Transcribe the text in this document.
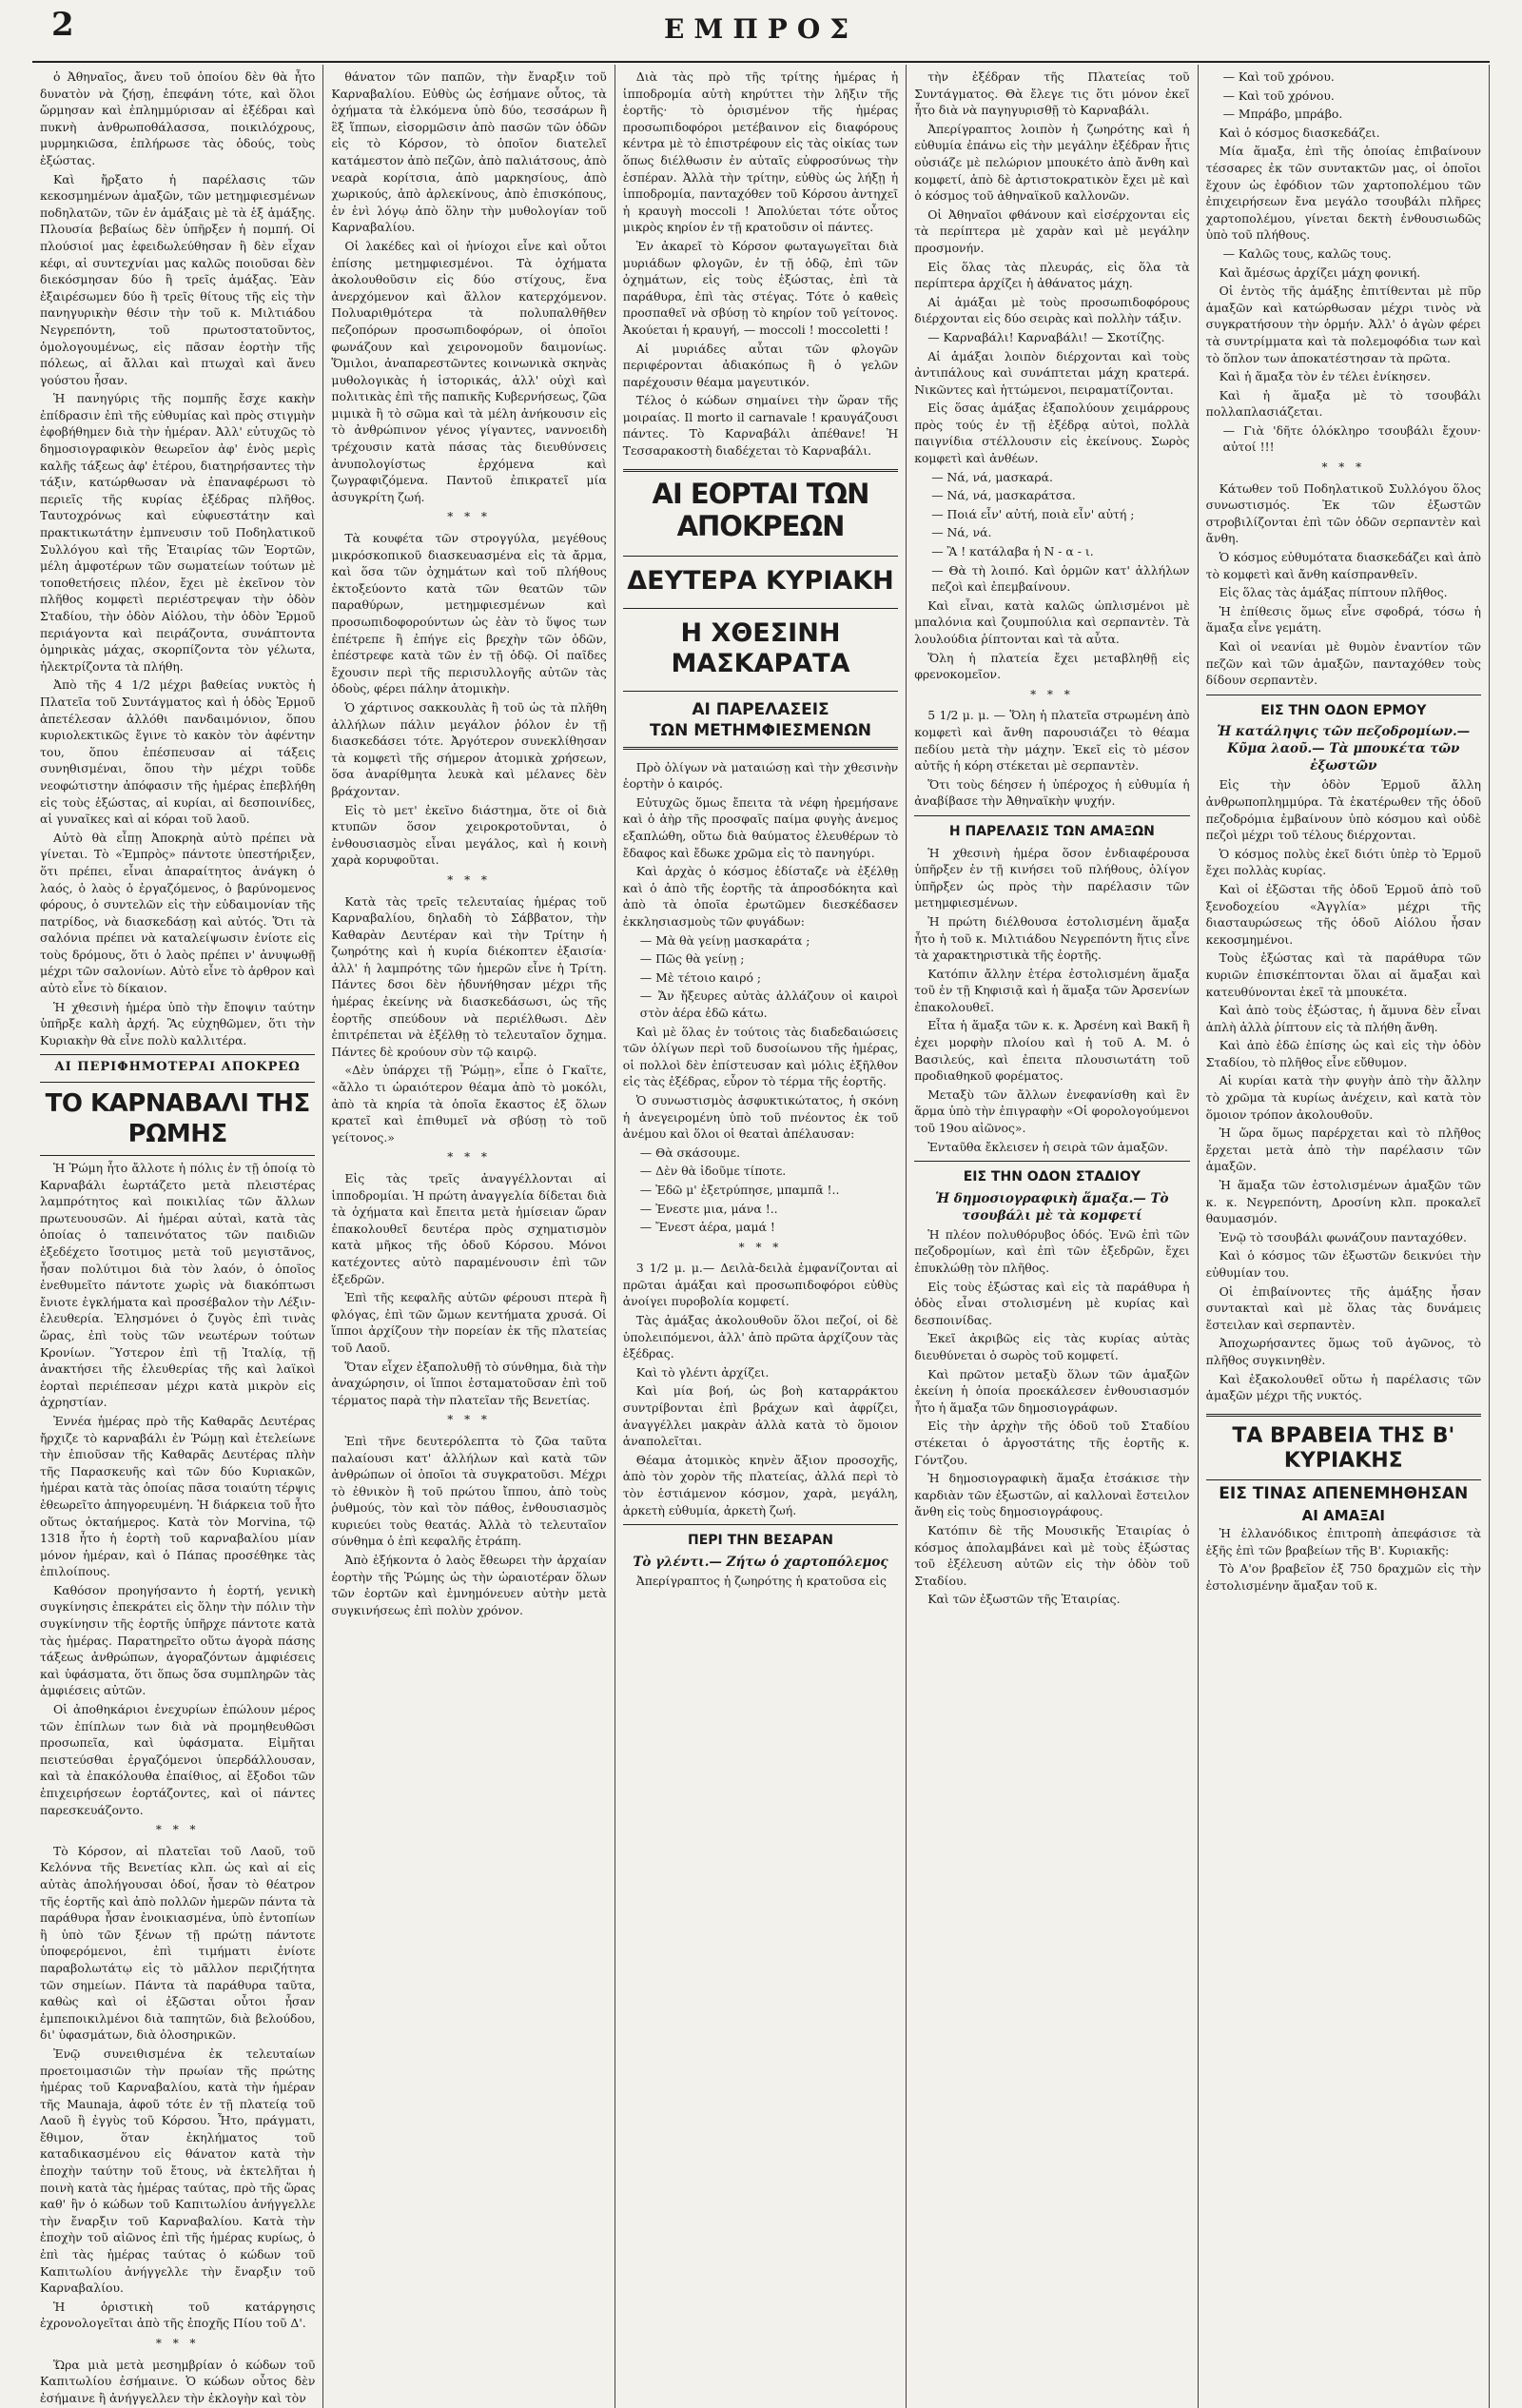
2	ΕΜΠΡΟΣ

ὁ Ἀθηναῖος, ἄνευ τοῦ ὁποίου δὲν θὰ ἦτο δυνατὸν νὰ ζήσῃ, ἐπεφάνη τότε, καὶ ὅλοι ὥρμησαν καὶ ἐπλημμύρισαν αἱ ἐξέδραι καὶ πυκνὴ ἀνθρωποθάλασσα, ποικιλόχρους, μυρμηκιῶσα, ἐπλήρωσε τὰς ὁδούς, τοὺς ἐξώστας.

Καὶ ἤρξατο ἡ παρέλασις τῶν κεκοσμημένων ἁμαξῶν, τῶν μετημφιεσμένων ποδηλατῶν, τῶν ἐν ἁμάξαις μὲ τὰ ἑξ ἁμάξης. Πλουσία βεβαίως δὲν ὑπῆρξεν ἡ πομπή. Οἱ πλούσιοί μας ἐφειδωλεύθησαν ἢ δὲν εἶχαν κέφι, αἱ συντεχνίαι μας καλῶς ποιοῦσαι δὲν διεκόσμησαν δύο ἢ τρεῖς ἁμάξας. Ἐὰν ἐξαιρέσωμεν δύο ἢ τρεῖς θίτους τῆς εἰς τὴν πανηγυρικὴν θέσιν τὴν τοῦ κ. Μιλτιάδου Νεγρεπόντη, τοῦ πρωτοστατοῦντος, ὁμολογουμένως, εἰς πᾶσαν ἑορτὴν τῆς πόλεως, αἱ ἄλλαι καὶ πτωχαὶ καὶ ἄνευ γούστου ἦσαν.

Ἡ πανηγύρις τῆς πομπῆς ἔσχε κακὴν ἐπίδρασιν ἐπὶ τῆς εὐθυμίας καὶ πρὸς στιγμὴν ἐφοβήθημεν διὰ τὴν ἡμέραν. Ἀλλ' εὐτυχῶς τὸ δημοσιογραφικὸν θεωρεῖον ἀφ' ἑνὸς μερὶς καλῆς τάξεως ἀφ' ἑτέρου, διατηρήσαντες τὴν τάξιν, κατώρθωσαν νὰ ἐπαναφέρωσι τὸ περιεῖς τῆς κυρίας ἑξέδρας πλῆθος. Ταυτοχρόνως καὶ εὐφυεστάτην καὶ πρακτικωτάτην ἐμπνευσιν τοῦ Ποδηλατικοῦ Συλλόγου καὶ τῆς Ἑταιρίας τῶν Ἑορτῶν, μέλη ἀμφοτέρων τῶν σωματείων τούτων μὲ τοποθετήσεις πλέον, ἔχει μὲ ἐκεῖνον τὸν πλῆθος κομφετὶ περιέστρεψαν τὴν ὁδὸν Σταδίου, τὴν ὁδὸν Αἰόλου, τὴν ὁδὸν Ἑρμοῦ περιάγοντα καὶ πειράζοντα, συνάπτοντα ὁμηρικὰς μάχας, σκορπίζοντα τὸν γέλωτα, ἠλεκτρίζοντα τὰ πλήθη.

Ἀπὸ τῆς 4 1/2 μέχρι βαθείας νυκτὸς ἡ Πλατεῖα τοῦ Συντάγματος καὶ ἡ ὁδὸς Ἑρμοῦ ἀπετέλεσαν ἀλλόθι πανδαιμόνιον, ὅπου κυριολεκτικῶς ἔγινε τὸ κακὸν τὸν ἀφέντην του, ὅπου ἐπέσπευσαν αἱ τάξεις συνηθισμέναι, ὅπου τὴν μέχρι τοῦδε νεοφώτιστην ἀπόφασιν τῆς ἡμέρας ἐπεβλήθη εἰς τοὺς ἐξώστας, αἱ κυρίαι, αἱ δεσποινίδες, αἱ γυναῖκες καὶ αἱ κόραι τοῦ λαοῦ.

Αὐτὸ θὰ εἶπῃ Ἀποκρηὰ αὐτὸ πρέπει νὰ γίνεται. Τὸ «Ἐμπρὸς» πάντοτε ὑπεστήριξεν, ὅτι πρέπει, εἶναι ἀπαραίτητος ἀνάγκη ὁ λαός, ὁ λαὸς ὁ ἐργαζόμενος, ὁ βαρύνομενος φόρους, ὁ συντελῶν εἰς τὴν εὐδαιμονίαν τῆς πατρίδος, νὰ διασκεδάσῃ καὶ αὐτός. Ὅτι τὰ σαλόνια πρέπει νὰ καταλείψωσιν ἐνίοτε εἰς τοὺς δρόμους, ὅτι ὁ λαὸς πρέπει ν' ἀνυψωθῇ μέχρι τῶν σαλονίων. Αὐτὸ εἶνε τὸ ἀρθρον καὶ αὐτὸ εἶνε τὸ δίκαιον.

Ἡ χθεσινὴ ἡμέρα ὑπὸ τὴν ἔποψιν ταύτην ὑπῆρξε καλὴ ἀρχή. Ἂς εὐχηθῶμεν, ὅτι τὴν Κυριακὴν θὰ εἶνε πολὺ καλλιτέρα.

ΑΙ ΠΕΡΙΦΗΜΟΤΕΡΑΙ ΑΠΟΚΡΕΩ
ΤΟ ΚΑΡΝΑΒΑΛΙ ΤΗΣ ΡΩΜΗΣ

Ἡ Ῥώμη ἦτο ἄλλοτε ἡ πόλις ἐν τῇ ὁποίᾳ τὸ Καρναβάλι ἑωρτάζετο μετὰ πλειστέρας λαμπρότητος καὶ ποικιλίας τῶν ἄλλων πρωτευουσῶν. Αἱ ἡμέραι αὐταὶ, κατὰ τὰς ὁποίας ὁ ταπεινότατος τῶν παιδιῶν ἐξεδέχετο ἴσοτιμος μετὰ τοῦ μεγιστᾶνος, ἦσαν πολύτιμοι διὰ τὸν λαόν, ὁ ὁποῖος ἐνεθυμεῖτο πάντοτε χωρὶς νὰ διακόπτωσι ἔνιοτε ἐγκλήματα καὶ προσέβαλον τὴν Λέξιν-ἐλευθερία. Ἐλησμόνει ὁ ζυγὸς ἐπὶ τινὰς ὥρας, ἐπὶ τοὺς τῶν νεωτέρων τούτων Κρονίων. Ὕστερον ἐπὶ τῇ Ἰταλίᾳ, τῇ ἀνακτήσει τῆς ἐλευθερίας τῆς καὶ λαϊκοὶ ἑορταὶ περιέπεσαν μέχρι κατὰ μικρὸν εἰς ἀχρηστίαν.

Ἐννέα ἡμέρας πρὸ τῆς Καθαρᾶς Δευτέρας ἤρχιζε τὸ καρναβάλι ἐν Ῥώμῃ καὶ ἐτελείωνε τὴν ἐπιοῦσαν τῆς Καθαρᾶς Δευτέρας πλὴν τῆς Παρασκευῆς καὶ τῶν δύο Κυριακῶν, ἡμέραι κατὰ τὰς ὁποίας πᾶσα τοιαύτη τέρψις ἐθεωρεῖτο ἀπηγορευμένη. Ἡ διάρκεια τοῦ ἦτο οὕτως ὀκταήμερος. Κατὰ τὸν Morvina, τῷ 1318 ἦτο ἡ ἑορτὴ τοῦ καρναβαλίου μίαν μόνον ἡμέραν, καὶ ὁ Πάπας προσέθηκε τὰς ἐπιλοίπους.

Καθόσον προηγήσαντο ἡ ἑορτή, γενικὴ συγκίνησις ἐπεκράτει εἰς ὅλην τὴν πόλιν τὴν συγκίνησιν τῆς ἑορτῆς ὑπῆρχε πάντοτε κατὰ τὰς ἡμέρας. Παρατηρεῖτο οὕτω ἀγορὰ πάσης τάξεως ἀνθρώπων, ἀγοραζόντων ἀμφιέσεις καὶ ὑφάσματα, ὅτι ὅπως ὅσα συμπληρῶν τὰς ἀμφιέσεις αὐτῶν.

Οἱ ἀποθηκάριοι ἐνεχυρίων ἐπώλουν μέρος τῶν ἐπίπλων των διὰ νὰ προμηθευθῶσι προσωπεῖα, καὶ ὑφάσματα. Εἰμῆται πειστεύσθαι ἐργαζόμενοι ὑπερδάλλουσαν, καὶ τὰ ἐπακόλουθα ἐπαίθιος, αἱ ἔξοδοι τῶν ἐπιχειρήσεων ἑορτάζοντες, καὶ οἱ πάντες παρεσκευάζοντο.

* * *

Τὸ Κόρσον, αἱ πλατεῖαι τοῦ Λαοῦ, τοῦ Κελόννα τῆς Βενετίας κλπ. ὡς καὶ αἱ εἰς αὐτὰς ἀπολήγουσαι ὁδοί, ἦσαν τὸ θέατρον τῆς ἑορτῆς καὶ ἀπὸ πολλῶν ἡμερῶν πάντα τὰ παράθυρα ἦσαν ἐνοικιασμένα, ὑπὸ ἐντοπίων ἢ ὑπὸ τῶν ξένων τῇ πρώτῃ πάντοτε ὑποφερόμενοι, ἐπὶ τιμήματι ἐνίοτε παραβολωτάτῳ εἰς τὸ μᾶλλον περιζήτητα τῶν σημείων. Πάντα τὰ παράθυρα ταῦτα, καθὼς καὶ οἱ ἐξῶσται οὗτοι ἦσαν ἐμπεποικιλμένοι διὰ ταπητῶν, διὰ βελούδου, δι' ὑφασμάτων, διὰ ὀλοσηρικῶν.

Ἐνῷ συνειθισμένα ἐκ τελευταίων προετοιμασιῶν τὴν πρωίαν τῆς πρώτης ἡμέρας τοῦ Καρναβαλίου, κατὰ τὴν ἡμέραν τῆς Maunaja, ἀφοῦ τότε ἐν τῇ πλατείᾳ τοῦ Λαοῦ ἢ ἐγγὺς τοῦ Κόρσου. Ἦτο, πράγματι, ἔθιμον, ὅταν ἐκηλήματος τοῦ καταδικασμένου εἰς θάνατον κατὰ τὴν ἐποχὴν ταύτην τοῦ ἔτους, νὰ ἐκτελῆται ἡ ποινὴ κατὰ τὰς ἡμέρας ταύτας, πρὸ τῆς ὥρας καθ' ἣν ὁ κώδων τοῦ Καπιτωλίου ἀνήγγελλε τὴν ἔναρξιν τοῦ Καρναβαλίου. Κατὰ τὴν ἐποχὴν τοῦ αἰῶνος ἐπὶ τῆς ἡμέρας κυρίως, ὁ ἐπὶ τὰς ἡμέρας ταύτας ὁ κώδων τοῦ Καπιτωλίου ἀνήγγελλε τὴν ἔναρξιν τοῦ Καρναβαλίου.

Ἡ ὁριστικὴ τοῦ κατάργησις ἐχρονολογεῖται ἀπὸ τῆς ἐποχῆς Πίου τοῦ Δ'.

* * *

Ὥρα μιὰ μετὰ μεσημβρίαν ὁ κώδων τοῦ Καπιτωλίου ἐσήμαινε. Ὁ κώδων οὗτος δὲν ἐσήμαινε ἢ ἀνήγγελλεν τὴν ἐκλογὴν καὶ τὸν

θάνατον τῶν παπῶν, τὴν ἔναρξιν τοῦ Καρναβαλίου. Εὐθὺς ὡς ἐσήμανε οὗτος, τὰ ὀχήματα τὰ ἑλκόμενα ὑπὸ δύο, τεσσάρων ἢ ἓξ ἵππων, εἰσορμῶσιν ἀπὸ πασῶν τῶν ὁδῶν εἰς τὸ Κόρσον, τὸ ὁποῖον διατελεῖ κατάμεστον ἀπὸ πεζῶν, ἀπὸ παλιάτσους, ἀπὸ νεαρὰ κορίτσια, ἀπὸ μαρκησίους, ἀπὸ χωρικούς, ἀπὸ ἀρλεκίνους, ἀπὸ ἐπισκόπους, ἐν ἑνὶ λόγῳ ἀπὸ ὅλην τὴν μυθολογίαν τοῦ Καρναβαλίου.

Οἱ λακέδες καὶ οἱ ἡνίοχοι εἶνε καὶ οὗτοι ἐπίσης μετημφιεσμένοι. Τὰ ὀχήματα ἀκολουθοῦσιν εἰς δύο στίχους, ἕνα ἀνερχόμενον καὶ ἄλλον κατερχόμενον. Πολυαριθμότερα τὰ πολυπαλθῆθεν πεζοπόρων προσωπιδοφόρων, οἱ ὁποῖοι φωνάζουν καὶ χειρονομοῦν δαιμονίως. Ὅμιλοι, ἀναπαρεστῶντες κοινωνικὰ σκηνὰς μυθολογικὰς ἡ ἱστορικάς, ἀλλ' οὐχὶ καὶ πολιτικὰς ἐπὶ τῆς παπικῆς Κυβερνήσεως, ζῶα μιμικὰ ἢ τὸ σῶμα καὶ τὰ μέλη ἀνήκουσιν εἰς τὸ ἀνθρώπινον γένος γίγαντες, ναννοειδὴ τρέχουσιν κατὰ πάσας τὰς διευθύνσεις ἀνυπολογίστως ἐρχόμενα καὶ ζωγραφιζόμενα. Παντοῦ ἐπικρατεῖ μία ἀσυγκρίτη ζωή.

* * *

Τὰ κουφέτα τῶν στρογγύλα, μεγέθους μικρόσκοπικοῦ διασκευασμένα εἰς τὰ ἄρμα, καὶ ὅσα τῶν ὀχημάτων καὶ τοῦ πλήθους ἐκτοξεύοντο κατὰ τῶν θεατῶν τῶν παραθύρων, μετημφιεσμένων καὶ προσωπιδοφορούντων ὡς ἐὰν τὸ ὕψος των ἐπέτρεπε ἢ ἐπήγε εἰς βρεχὴν τῶν ὁδῶν, ἐπέστρεφε κατὰ τῶν ἐν τῇ ὁδῷ. Οἱ παῖδες ἔχουσιν περὶ τῆς περισυλλογῆς αὐτῶν τὰς ὁδοὺς, φέρει πάλην ἀτομικὴν.

Ὁ χάρτινος σακκουλὰς ἢ τοῦ ὡς τὰ πλῆθη ἀλλήλων πάλιν μεγάλον ῥόλον ἐν τῇ διασκεδάσει τότε. Ἀργότερον συνεκλίθησαν τὰ κομφετὶ τῆς σήμερον ἀτομικὰ χρήσεων, ὅσα ἀναρίθμητα λευκὰ καὶ μέλανες δὲν βράχονταν.

Εἰς τὸ μετ' ἐκεῖνο διάστημα, ὅτε οἱ διὰ κτυπῶν ὅσον χειροκροτοῦνται, ὁ ἐνθουσιασμὸς εἶναι μεγάλος, καὶ ἡ κοινὴ χαρὰ κορυφοῦται.

* * *

Κατὰ τὰς τρεῖς τελευταίας ἡμέρας τοῦ Καρναβαλίου, δηλαδὴ τὸ Σάββατον, τὴν Καθαρὰν Δευτέραν καὶ τὴν Τρίτην ἡ ζωηρότης καὶ ἡ κυρία διέκοπτεν ἐξαισία· ἀλλ' ἡ λαμπρότης τῶν ἡμερῶν εἶνε ἡ Τρίτη. Πάντες δσοι δὲν ἠδυνήθησαν μέχρι τῆς ἡμέρας ἐκείνης νὰ διασκεδάσωσι, ὡς τῆς ἐορτῆς σπεύδουν νὰ περιέλθωσι. Δὲν ἐπιτρέπεται νὰ ἐξέλθῃ τὸ τελευταῖον ὄχημα. Πάντες δὲ κρούουν σὺν τῷ καιρῷ.

«Δὲν ὑπάρχει τῇ Ῥώμῃ», εἶπε ὁ Γκαῖτε, «ἄλλο τι ὡραιότερον θέαμα ἀπὸ τὸ μοκόλι, ἀπὸ τὰ κηρία τὰ ὁποῖα ἔκαστος ἐξ ὅλων κρατεῖ καὶ ἐπιθυμεῖ νὰ σβύσῃ τὸ τοῦ γείτονος.»

* * *

Εἰς τὰς τρεῖς ἀναγγέλλονται αἱ ἱπποδρομίαι. Ἡ πρώτη ἀναγγελία δίδεται διὰ τὰ ὀχήματα καὶ ἔπειτα μετὰ ἡμίσειαν ὥραν ἐπακολουθεῖ δευτέρα πρὸς σχηματισμὸν κατὰ μῆκος τῆς ὁδοῦ Κόρσου. Μόνοι κατέχοντες αὐτὸ παραμένουσιν ἐπὶ τῶν ἐξεδρῶν.

Ἐπὶ τῆς κεφαλῆς αὐτῶν φέρουσι πτερὰ ἢ φλόγας, ἐπὶ τῶν ὤμων κεντήματα χρυσά. Οἱ ἵπποι ἀρχίζουν τὴν πορείαν ἐκ τῆς πλατείας τοῦ Λαοῦ.

Ὅταν εἶχεν ἐξαπολυθῇ τὸ σύνθημα, διὰ τὴν ἀναχώρησιν, οἱ ἵπποι ἐσταματοῦσαν ἐπὶ τοῦ τέρματος παρὰ τὴν πλατεῖαν τῆς Βενετίας.

* * *

Ἐπὶ τῆνε δευτερόλεπτα τὸ ζῶα ταῦτα παλαίουσι κατ' ἀλλήλων καὶ κατὰ τῶν ἀνθρώπων οἱ ὁποῖοι τὰ συγκρατοῦσι. Μέχρι τὸ ἐθνικὸν ἢ τοῦ πρώτου ἴππου, ἀπὸ τοὺς ῥυθμούς, τὸν καὶ τὸν πάθος, ἐνθουσιασμὸς κυριεύει τοὺς θεατάς. Ἀλλὰ τὸ τελευταῖον σύνθημα ὁ ἐπὶ κεφαλῆς ἐτράπη.

Ἀπὸ ἑξήκοντα ὁ λαὸς ἔθεωρει τὴν ἀρχαίαν ἑορτὴν τῆς Ῥώμης ὡς τὴν ὡραιοτέραν ὅλων τῶν ἑορτῶν καὶ ἐμνημόνευεν αὐτὴν μετὰ συγκινήσεως ἐπὶ πολὺν χρόνον.

Διὰ τὰς πρὸ τῆς τρίτης ἡμέρας ἡ ἱπποδρομία αὐτὴ κηρύττει τὴν λῆξιν τῆς ἑορτῆς· τὸ ὁρισμένον τῆς ἡμέρας προσωπιδοφόροι μετέβαινον εἰς διαφόρους κέντρα μὲ τὸ ἐπιστρέφουν εἰς τὰς οἰκίας των ὅπως διέλθωσιν ἐν αὐταῖς εὐφροσύνως τὴν ἑσπέραν. Ἀλλὰ τὴν τρίτην, εὐθὺς ὡς λήξῃ ἡ ἱπποδρομία, πανταχόθεν τοῦ Κόρσου ἀντηχεῖ ἡ κραυγὴ moccoli ! Ἀπολύεται τότε οὗτος μικρὸς κηρίον ἐν τῇ κρατοῦσιν οἱ πάντες.

Ἐν ἀκαρεῖ τὸ Κόρσον φωταγωγεῖται διὰ μυριάδων φλογῶν, ἐν τῇ ὁδῷ, ἐπὶ τῶν ὀχημάτων, εἰς τοὺς ἐξώστας, ἐπὶ τὰ παράθυρα, ἐπὶ τὰς στέγας. Τότε ὁ καθεὶς προσπαθεῖ νὰ σβύσῃ τὸ κηρίον τοῦ γείτονος. Ἀκούεται ἡ κραυγή, — moccoli ! moccoletti !

Αἱ μυριάδες αὗται τῶν φλογῶν περιφέρονται ἀδιακόπως ἢ ὁ γελῶν παρέχουσιν θέαμα μαγευτικόν.

Τέλος ὁ κώδων σημαίνει τὴν ὥραν τῆς μοιραίας. Il morto il carnavale ! κραυγάζουσι πάντες. Τὸ Καρναβάλι ἀπέθανε! Ἡ Τεσσαρακοστὴ διαδέχεται τὸ Καρναβάλι.

ΑΙ ΕΟΡΤΑΙ ΤΩΝ ΑΠΟΚΡΕΩΝ
ΔΕΥΤΕΡΑ ΚΥΡΙΑΚΗ
Η ΧΘΕΣΙΝΗ ΜΑΣΚΑΡΑΤΑ
ΑΙ ΠΑΡΕΛΑΣΕΙΣ
ΤΩΝ ΜΕΤΗΜΦΙΕΣΜΕΝΩΝ

Πρὸ ὀλίγων νὰ ματαιώσῃ καὶ τὴν χθεσινὴν ἑορτὴν ὁ καιρός.

Εὐτυχῶς ὅμως ἔπειτα τὰ νέφη ἠρεμήσανε καὶ ὁ ἀὴρ τῆς προσφαῖς παίμα φυγὴς ἀνεμος εξαπλώθη, οὕτω διὰ θαύματος ἐλευθέρων τὸ ἔδαφος καὶ ἔδωκε χρῶμα εἰς τὸ πανηγύρι.

Καὶ ἀρχὰς ὁ κόσμος ἐδίσταζε νὰ ἐξέλθῃ καὶ ὁ ἀπὸ τῆς ἑορτῆς τὰ ἀπροσδόκητα καὶ ἀπὸ τὰ ὁποῖα ἐρωτῶμεν διεσκέδασεν ἐκκλησιασμοὺς τῶν φυγάδων:

— Μὰ θὰ γείνῃ μασκαράτα ;

— Πῶς θὰ γείνῃ ;

— Μὲ τέτοιο καιρό ;

— Ἄν ἤξευρες αὐτὰς ἀλλάζουν οἱ καιροὶ στὸν ἀέρα ἐδῶ κάτω.

Καὶ μὲ ὅλας ἐν τούτοις τὰς διαδεδαιώσεις τῶν ὀλίγων περὶ τοῦ δυσοίωνου τῆς ἡμέρας, οἱ πολλοὶ δὲν ἐπίστευσαν καὶ μόλις ἐξῆλθον εἰς τὰς ἐξέδρας, εὗρον τὸ τέρμα τῆς ἑορτῆς.

Ὁ συνωστισμὸς ἀσφυκτικώτατος, ἡ σκόνη ἡ ἀνεγειρομένη ὑπὸ τοῦ πνέοντος ἐκ τοῦ ἀνέμου καὶ ὅλοι οἱ θεαταὶ ἀπέλαυσαν:

— Θὰ σκάσουμε.

— Δὲν θὰ ἰδοῦμε τίποτε.

— Ἐδῶ μ' ἐξετρύπησε, μπαμπᾶ !..

— Ἐνεστε μια, μάνα !..

— Ἔνεστ ἀέρα, μαμά !

* * *

3 1/2 μ. μ.— Δειλὰ-δειλὰ ἐμφανίζονται αἱ πρῶται ἁμάξαι καὶ προσωπιδοφόροι εὐθὺς ἀνοίγει πυροβολία κομφετί.

Τὰς ἁμάξας ἀκολουθοῦν ὅλοι πεζοί, οἱ δὲ ὑπολειπόμενοι, ἀλλ' ἀπὸ πρῶτα ἀρχίζουν τὰς ἐξέδρας.

Καὶ τὸ γλέντι ἀρχίζει.

Καὶ μία βοή, ὡς βοὴ καταρράκτου συντρίβονται ἐπὶ βράχων καὶ ἀφρίζει, ἀναγγέλλει μακρὰν ἀλλὰ κατὰ τὸ ὅμοιον ἀναπολεῖται.

Θέαμα ἀτομικὸς κηνὲν ἄξιον προσοχῆς, ἀπὸ τὸν χορὸν τῆς πλατείας, ἀλλά περὶ τὸ τὸν ἑστιάμενον κόσμον, χαρὰ, μεγάλη, ἀρκετὴ εὐθυμία, ἀρκετὴ ζωή.

ΠΕΡΙ ΤΗΝ ΒΕΣΑΡΑΝ
Τὸ γλέντι.— Ζήτω ὁ χαρτοπόλεμος

Ἀπερίγραπτος ἡ ζωηρότης ἡ κρατοῦσα εἰς

τὴν ἐξέδραν τῆς Πλατείας τοῦ Συντάγματος. Θὰ ἔλεγε τις ὅτι μόνον ἐκεῖ ἦτο διὰ νὰ παγηγυρισθῇ τὸ Καρναβάλι.

Ἀπερίγραπτος λοιπὸν ἡ ζωηρότης καὶ ἡ εὐθυμία ἐπάνω εἰς τὴν μεγάλην ἐξέδραν ἧτις οὐσιάζε μὲ πελώριον μπουκέτο ἀπὸ ἄνθη καὶ κομφετί, ἀπὸ δὲ ἀρτιστοκρατικὸν ἔχει μὲ καὶ ὁ κόσμος τοῦ ἀθηναϊκοῦ καλλονῶν.

Οἱ Ἀθηναῖοι φθάνουν καὶ εἰσέρχονται εἰς τὰ περίπτερα μὲ χαρὰν καὶ μὲ μεγάλην προσμονήν.

Εἰς ὅλας τὰς πλευράς, εἰς ὅλα τὰ περίπτερα ἀρχίζει ἡ ἀθάνατος μάχη.

Αἱ ἁμάξαι μὲ τοὺς προσωπιδοφόρους διέρχονται εἰς δύο σειρὰς καὶ πολλὴν τάξιν.

— Καρναβάλι! Καρναβάλι! — Σκοτίζης.

Αἱ ἁμάξαι λοιπὸν διέρχονται καὶ τοὺς ἀντιπάλους καὶ συνάπτεται μάχη κρατερά. Νικῶντες καὶ ἡττώμενοι, πειραματίζονται.

Εἰς ὅσας ἁμάξας ἐξαπολύουν χειμάρρους πρὸς τούς ἐν τῇ ἐξέδρᾳ αὐτοὶ, πολλὰ παιγνίδια στέλλουσιν εἰς ἐκείνους. Σωρὸς κομφετὶ καὶ ἀνθέων.

— Νά, νά, μασκαρά.

— Νά, νά, μασκαράτσα.

— Ποιά εἶν' αὐτή, ποιὰ εἶν' αὐτή ;

— Νά, νά.

— Ἂ ! κατάλαβα ἡ Ν - α - ι.

— Θὰ τὴ λοιπό. Καὶ ὁρμῶν κατ' ἀλλήλων πεζοὶ καὶ ἐπεμβαίνουν.

Καὶ εἶναι, κατὰ καλῶς ὡπλισμένοι μὲ μπαλόνια καὶ ζουμπούλια καὶ σερπαντὲν. Τὰ λουλούδια ῥίπτονται καὶ τὰ αὖτα.

Ὅλη ἡ πλατεία ἔχει μεταβληθῇ εἰς φρενοκομεῖον.

* * *

5 1/2 μ. μ. — Ὅλη ἡ πλατεῖα στρωμένη ἀπὸ κομφετὶ καὶ ἄνθη παρουσιάζει τὸ θέαμα πεδίου μετὰ τὴν μάχην. Ἐκεῖ εἰς τὸ μέσον αὐτῆς ἡ κόρη στέκεται μὲ σερπαντὲν.

Ὅτι τοὺς δέησεν ἡ ὑπέροχος ἡ εὐθυμία ἡ ἀναβίβασε τὴν Ἀθηναϊκὴν ψυχήν.

Η ΠΑΡΕΛΑΣΙΣ ΤΩΝ ΑΜΑΞΩΝ

Ἡ χθεσινὴ ἡμέρα ὅσον ἐνδιαφέρουσα ὑπῆρξεν ἐν τῇ κινήσει τοῦ πλήθους, ὀλίγον ὑπῆρξεν ὡς πρὸς τὴν παρέλασιν τῶν μετημφιεσμένων.

Ἡ πρώτη διέλθουσα ἐστολισμένη ἅμαξα ἦτο ἡ τοῦ κ. Μιλτιάδου Νεγρεπόντη ἥτις εἶνε τὰ χαρακτηριστικὰ τῆς ἑορτῆς.

Κατόπιν ἄλλην ἑτέρα ἐστολισμένη ἅμαξα τοῦ ἐν τῇ Κηφισιᾷ καὶ ἡ ἅμαξα τῶν Ἀρσενίων ἐπακολουθεῖ.

Εἶτα ἡ ἅμαξα τῶν κ. κ. Ἀρσένη καὶ Βακῆ ἢ ἐχει μορφὴν πλοίου καὶ ἡ τοῦ Α. Μ. ὁ Βασιλεύς, καὶ ἐπειτα πλουσιωτάτη τοῦ προδιαθηκοῦ φορέματος.

Μεταξὺ τῶν ἄλλων ἐνεφανίσθη καὶ ἓν ἅρμα ὑπὸ τὴν ἐπιγραφὴν «Οἱ φορολογούμενοι τοῦ 19ου αἰῶνος».

Ἐνταῦθα ἔκλεισεν ἡ σειρὰ τῶν ἁμαξῶν.

ΕΙΣ ΤΗΝ ΟΔΟΝ ΣΤΑΔΙΟΥ
Ἡ δημοσιογραφικὴ ἅμαξα.— Τὸ τσουβάλι μὲ τὰ κομφετί

Ἡ πλέον πολυθόρυβος ὁδός. Ἐνῶ ἐπὶ τῶν πεζοδρομίων, καὶ ἐπὶ τῶν ἐξεδρῶν, ἔχει ἐπυκλώθῃ τὸν πλῆθος.

Εἰς τοὺς ἐξώστας καὶ εἰς τὰ παράθυρα ἡ ὁδὸς εἶναι στολισμένη μὲ κυρίας καὶ δεσποινίδας.

Ἐκεῖ ἀκριβῶς εἰς τὰς κυρίας αὐτὰς διευθύνεται ὁ σωρὸς τοῦ κομφετί.

Καὶ πρῶτον μεταξὺ ὅλων τῶν ἁμαξῶν ἐκείνη ἡ ὁποία προεκάλεσεν ἐνθουσιασμόν ἦτο ἡ ἅμαξα τῶν δημοσιογράφων.

Εἰς τὴν ἀρχὴν τῆς ὁδοῦ τοῦ Σταδίου στέκεται ὁ ἀργοστάτης τῆς ἑορτῆς κ. Γόντζου.

Ἡ δημοσιογραφικὴ ἅμαξα ἐτσάκισε τὴν καρδιὰν τῶν ἐξωστῶν, αἱ καλλοναὶ ἔστειλον ἄνθη εἰς τοὺς δημοσιογράφους.

Κατόπιν δὲ τῆς Μουσικῆς Ἑταιρίας ὁ κόσμος ἀπολαμβάνει καὶ μὲ τοὺς ἐξώστας τοῦ ἐξέλευση αὐτῶν εἰς τὴν ὁδὸν τοῦ Σταδίου.

Καὶ τῶν ἐξωστῶν τῆς Ἑταιρίας.

— Καὶ τοῦ χρόνου.

— Καὶ τοῦ χρόνου.

— Μπράβο, μπράβο.

Καὶ ὁ κόσμος διασκεδάζει.

Μία ἅμαξα, ἐπὶ τῆς ὁποίας ἐπιβαίνουν τέσσαρες ἐκ τῶν συντακτῶν μας, οἱ ὁποῖοι ἔχουν ὡς ἐφόδιον τῶν χαρτοπολέμου τῶν ἐπιχειρήσεων ἔνα μεγάλο τσουβάλι πλῆρες χαρτοπολέμου, γίνεται δεκτὴ ἐνθουσιωδῶς ὑπὸ τοῦ πλήθους.

— Καλῶς τους, καλῶς τους.

Καὶ ἄμέσως ἀρχίζει μάχη φονική.

Οἱ ἐντὸς τῆς ἁμάξης ἐπιτίθενται μὲ πῦρ ἁμαξῶν καὶ κατώρθωσαν μέχρι τινὸς νὰ συγκρατήσουν τὴν ὁρμήν. Ἀλλ' ὁ ἀγὼν φέρει τὰ συντρίμματα καὶ τὰ πολεμοφόδια των καὶ τὸ ὅπλον των ἀποκατέστησαν τὰ πρῶτα.

Καὶ ἡ ἅμαξα τὸν ἐν τέλει ἐνίκησεν.

Καὶ ἡ ἅμαξα μὲ τὸ τσουβάλι πολλαπλασιάζεται.

— Γιὰ 'δῆτε ὁλόκληρο τσουβάλι ἔχουν· αὐτοί !!!

* * *

Κάτωθεν τοῦ Ποδηλατικοῦ Συλλόγου ὅλος συνωστισμός. Ἐκ τῶν ἐξωστῶν στροβιλίζονται ἐπὶ τῶν ὁδῶν σερπαντὲν καὶ ἄνθη.

Ὁ κόσμος εὐθυμότατα διασκεδάζει καὶ ἀπὸ τὸ κομφετὶ καὶ ἄνθη καίσπρανθεῖν.

Εἰς ὅλας τὰς ἁμάξας πίπτουν πλῆθος.

Ἡ ἐπίθεσις ὅμως εἶνε σφοδρά, τόσω ἡ ἅμαξα εἶνε γεμάτη.

Καὶ οἱ νεανίαι μὲ θυμὸν ἐναντίον τῶν πεζῶν καὶ τῶν ἁμαξῶν, πανταχόθεν τοὺς δίδουν σερπαντὲν.

ΕΙΣ ΤΗΝ ΟΔΟΝ ΕΡΜΟΥ
Ἡ κατάληψις τῶν πεζοδρομίων.— Κῦμα λαοῦ.— Τὰ μπουκέτα τῶν ἐξωστῶν

Εἰς τὴν ὁδὸν Ἑρμοῦ ἄλλη ἀνθρωποπλημμύρα. Τὰ ἑκατέρωθεν τῆς ὁδοῦ πεζοδρόμια ἐμβαίνουν ὑπὸ κόσμου καὶ οὐδὲ πεζοὶ μέχρι τοῦ τέλους διέρχονται.

Ὁ κόσμος πολὺς ἐκεῖ διότι ὑπὲρ τὸ Ἑρμοῦ ἔχει πολλὰς κυρίας.

Καὶ οἱ ἐξῶσται τῆς ὁδοῦ Ἑρμοῦ ἀπὸ τοῦ ξενοδοχείου «Ἀγγλία» μέχρι τῆς διασταυρώσεως τῆς ὁδοῦ Αἰόλου ἦσαν κεκοσμημένοι.

Τοὺς ἐξώστας καὶ τὰ παράθυρα τῶν κυριῶν ἐπισκέπτονται ὅλαι αἱ ἅμαξαι καὶ κατευθύνονται ἐκεῖ τὰ μπουκέτα.

Καὶ ἀπὸ τοὺς ἐξώστας, ἡ ἄμυνα δὲν εἶναι ἁπλὴ ἀλλὰ ῥίπτουν εἰς τὰ πλήθη ἄνθη.

Καὶ ἀπὸ ἐδῶ ἐπίσης ὡς καὶ εἰς τὴν ὁδὸν Σταδίου, τὸ πλῆθος εἶνε εὔθυμον.

Αἱ κυρίαι κατὰ τὴν φυγὴν ἀπὸ τὴν ἄλλην τὸ χρῶμα τὰ κυρίως ἀνέχειν, καὶ κατὰ τὸν ὅμοιον τρόπον ἀκολουθοῦν.

Ἡ ὥρα ὅμως παρέρχεται καὶ τὸ πλῆθος ἔρχεται μετὰ ἀπὸ τὴν παρέλασιν τῶν ἁμαξῶν.

Ἡ ἅμαξα τῶν ἐστολισμένων ἁμαξῶν τῶν κ. κ. Νεγρεπόντη, Δροσίνη κλπ. προκαλεῖ θαυμασμόν.

Ἐνῷ τὸ τσουβάλι φωνάζουν πανταχόθεν.

Καὶ ὁ κόσμος τῶν ἐξωστῶν δεικνύει τὴν εὐθυμίαν του.

Οἱ ἐπιβαίνοντες τῆς ἁμάξης ἦσαν συντακταὶ καὶ μὲ ὅλας τὰς δυνάμεις ἔστειλαν καὶ σερπαντὲν.

Ἀποχωρήσαντες ὅμως τοῦ ἀγῶνος, τὸ πλῆθος συγκινηθὲν.

Καὶ ἐξακολουθεῖ οὕτω ἡ παρέλασις τῶν ἁμαξῶν μέχρι τῆς νυκτός.

ΤΑ ΒΡΑΒΕΙΑ ΤΗΣ Β' ΚΥΡΙΑΚΗΣ
ΕΙΣ ΤΙΝΑΣ ΑΠΕΝΕΜΗΘΗΣΑΝ
ΑΙ ΑΜΑΞΑΙ

Ἡ ἑλλανόδικος ἐπιτροπὴ ἀπεφάσισε τὰ ἑξῆς ἐπὶ τῶν βραβείων τῆς Β'. Κυριακῆς:

Τὸ Α'ον βραβεῖον ἐξ 750 δραχμῶν εἰς τὴν ἐστολισμένην ἅμαξαν τοῦ κ.
